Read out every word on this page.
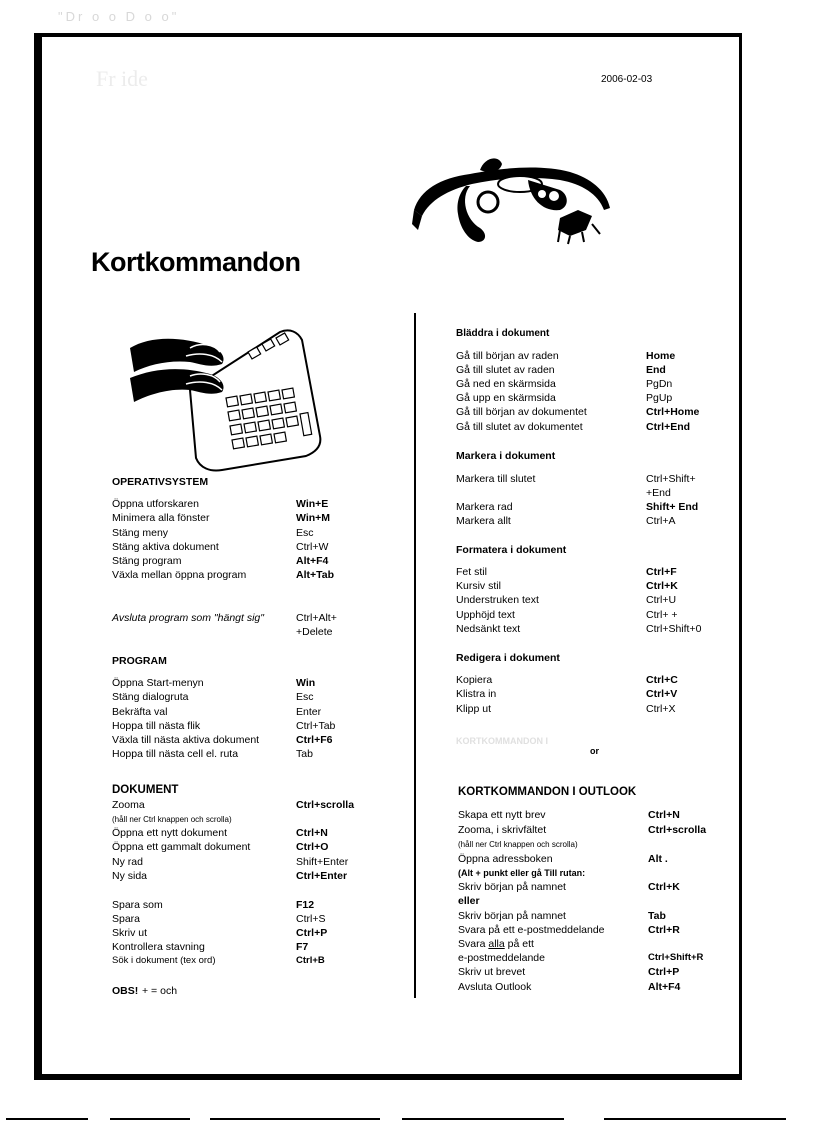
"Dr o o D o o"
Fr ide	2006-02-03
Kortkommandon
OPERATIVSYSTEM
Öppna utforskaren	Win+E
Minimera alla fönster	Win+M
Stäng meny	Esc
Stäng aktiva dokument	Ctrl+W
Stäng program	Alt+F4
Växla mellan öppna program	Alt+Tab
Avsluta program som "hängt sig"	Ctrl+Alt+
+Delete
PROGRAM
Öppna Start-menyn	Win
Stäng dialogruta	Esc
Bekräfta val	Enter
Hoppa till nästa flik	Ctrl+Tab
Växla till nästa aktiva dokument	Ctrl+F6
Hoppa till nästa cell el. ruta	Tab
DOKUMENT
Zooma	Ctrl+scrolla
(håll ner Ctrl knappen och scrolla)
Öppna ett nytt dokument	Ctrl+N
Öppna ett gammalt dokument	Ctrl+O
Ny rad	Shift+Enter
Ny sida	Ctrl+Enter
Spara som	F12
Spara	Ctrl+S
Skriv ut	Ctrl+P
Kontrollera stavning	F7
Sök i dokument (tex ord)	Ctrl+B
OBS! + = och
Bläddra i dokument
Gå till början av raden	Home
Gå till slutet av raden	End
Gå ned en skärmsida	PgDn
Gå upp en skärmsida	PgUp
Gå till början av dokumentet	Ctrl+Home
Gå till slutet av dokumentet	Ctrl+End
Markera i dokument
Markera till slutet	Ctrl+Shift+
+End
Markera rad	Shift+ End
Markera allt	Ctrl+A
Formatera i dokument
Fet stil	Ctrl+F
Kursiv stil	Ctrl+K
Understruken text	Ctrl+U
Upphöjd text	Ctrl+ +
Nedsänkt text	Ctrl+Shift+0
Redigera i dokument
Kopiera	Ctrl+C
Klistra in	Ctrl+V
Klipp ut	Ctrl+X
KORTKOMMANDON I
or
KORTKOMMANDON I OUTLOOK
Skapa ett nytt brev	Ctrl+N
Zooma, i skrivfältet	Ctrl+scrolla
(håll ner Ctrl knappen och scrolla)
Öppna adressboken	Alt .
(Alt + punkt eller gå Till rutan:
Skriv början på namnet	Ctrl+K
eller
Skriv början på namnet	Tab
Svara på ett e-postmeddelande	Ctrl+R
Svara alla på ett
e-postmeddelande	Ctrl+Shift+R
Skriv ut brevet	Ctrl+P
Avsluta Outlook	Alt+F4
